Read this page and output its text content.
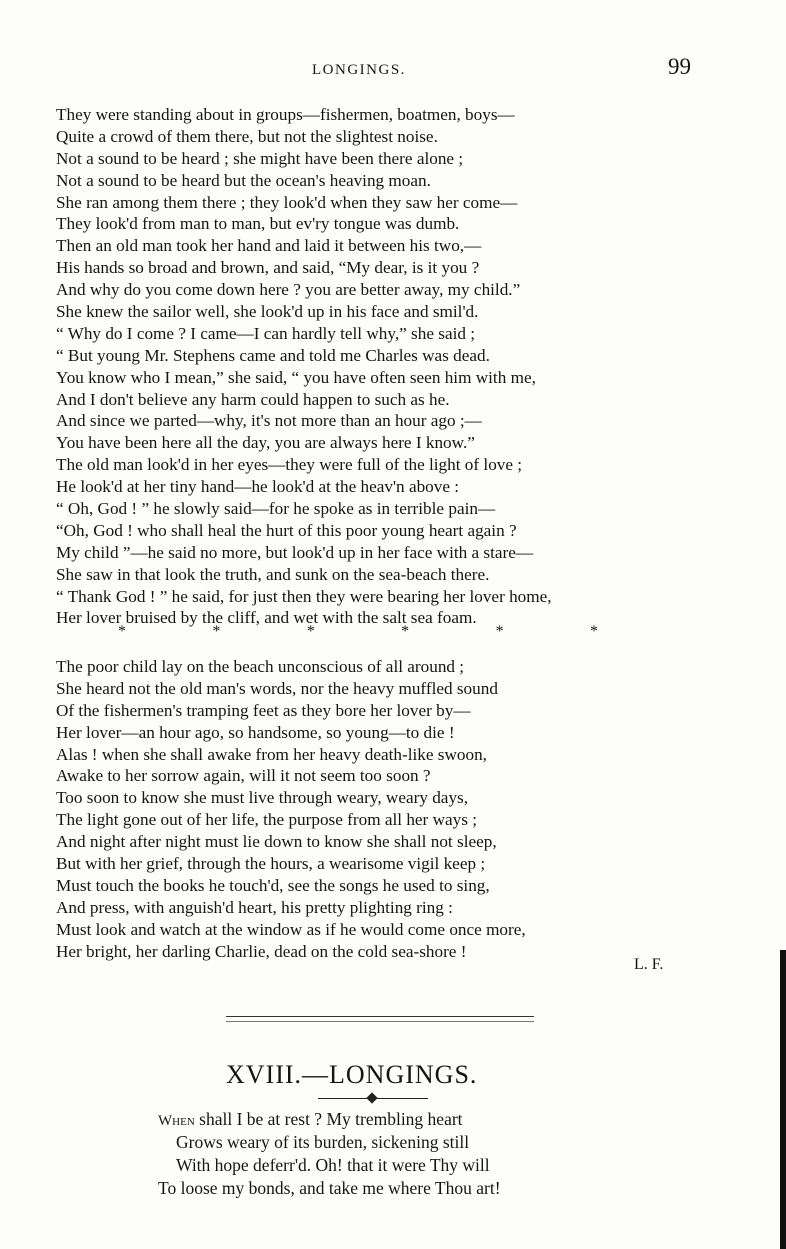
LONGINGS.	99
They were standing about in groups—fishermen, boatmen, boys—
Quite a crowd of them there, but not the slightest noise.
Not a sound to be heard ; she might have been there alone ;
Not a sound to be heard but the ocean's heaving moan.
She ran among them there ; they look'd when they saw her come—
They look'd from man to man, but ev'ry tongue was dumb.
Then an old man took her hand and laid it between his two,—
His hands so broad and brown, and said, “My dear, is it you ?
And why do you come down here ? you are better away, my child.”
She knew the sailor well, she look'd up in his face and smil'd.
“ Why do I come ? I came—I can hardly tell why,” she said ;
“ But young Mr. Stephens came and told me Charles was dead.
You know who I mean,” she said, “ you have often seen him with me,
And I don't believe any harm could happen to such as he.
And since we parted—why, it's not more than an hour ago ;—
You have been here all the day, you are always here I know.”
The old man look'd in her eyes—they were full of the light of love ;
He look'd at her tiny hand—he look'd at the heav'n above :
“ Oh, God ! ” he slowly said—for he spoke as in terrible pain—
“Oh, God ! who shall heal the hurt of this poor young heart again ?
My child ”—he said no more, but look'd up in her face with a stare—
She saw in that look the truth, and sunk on the sea-beach there.
“ Thank God ! ” he said, for just then they were bearing her lover home,
Her lover bruised by the cliff, and wet with the salt sea foam.
*	*	*	*	*	*
The poor child lay on the beach unconscious of all around ;
She heard not the old man's words, nor the heavy muffled sound
Of the fishermen's tramping feet as they bore her lover by—
Her lover—an hour ago, so handsome, so young—to die !
Alas ! when she shall awake from her heavy death-like swoon,
Awake to her sorrow again, will it not seem too soon ?
Too soon to know she must live through weary, weary days,
The light gone out of her life, the purpose from all her ways ;
And night after night must lie down to know she shall not sleep,
But with her grief, through the hours, a wearisome vigil keep ;
Must touch the books he touch'd, see the songs he used to sing,
And press, with anguish'd heart, his pretty plighting ring :
Must look and watch at the window as if he would come once more,
Her bright, her darling Charlie, dead on the cold sea-shore !
L. F.
XVIII.—LONGINGS.
When shall I be at rest ? My trembling heart
Grows weary of its burden, sickening still
With hope deferr'd. Oh! that it were Thy will
To loose my bonds, and take me where Thou art!
